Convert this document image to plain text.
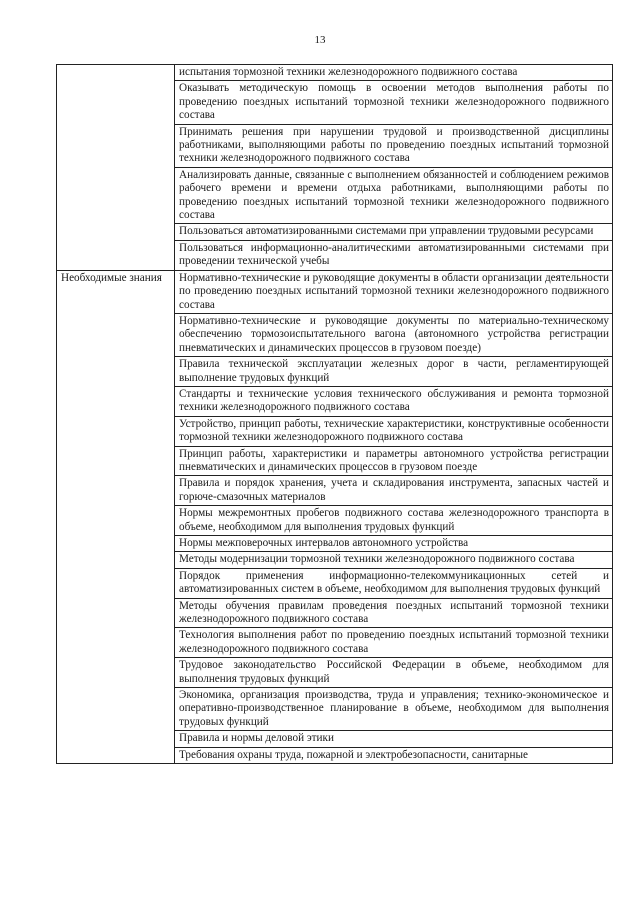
13
	испытания тормозной техники железнодорожного подвижного состава
	Оказывать методическую помощь в освоении методов выполнения работы по проведению поездных испытаний тормозной техники железнодорожного подвижного состава
	Принимать решения при нарушении трудовой и производственной дисциплины работниками, выполняющими работы по проведению поездных испытаний тормозной техники железнодорожного подвижного состава
	Анализировать данные, связанные с выполнением обязанностей и соблюдением режимов рабочего времени и времени отдыха работниками, выполняющими работы по проведению поездных испытаний тормозной техники железнодорожного подвижного состава
	Пользоваться автоматизированными системами при управлении трудовыми ресурсами
	Пользоваться информационно-аналитическими автоматизированными системами при проведении технической учебы
Необходимые знания	Нормативно-технические и руководящие документы в области организации деятельности по проведению поездных испытаний тормозной техники железнодорожного подвижного состава
	Нормативно-технические и руководящие документы по материально-техническому обеспечению тормозоиспытательного вагона (автономного устройства регистрации пневматических и динамических процессов в грузовом поезде)
	Правила технической эксплуатации железных дорог в части, регламентирующей выполнение трудовых функций
	Стандарты и технические условия технического обслуживания и ремонта тормозной техники железнодорожного подвижного состава
	Устройство, принцип работы, технические характеристики, конструктивные особенности тормозной техники железнодорожного подвижного состава
	Принцип работы, характеристики и параметры автономного устройства регистрации пневматических и динамических процессов в грузовом поезде
	Правила и порядок хранения, учета и складирования инструмента, запасных частей и горюче-смазочных материалов
	Нормы межремонтных пробегов подвижного состава железнодорожного транспорта в объеме, необходимом для выполнения трудовых функций
	Нормы межповерочных интервалов автономного устройства
	Методы модернизации тормозной техники железнодорожного подвижного состава
	Порядок применения информационно-телекоммуникационных сетей и автоматизированных систем в объеме, необходимом для выполнения трудовых функций
	Методы обучения правилам проведения поездных испытаний тормозной техники железнодорожного подвижного состава
	Технология выполнения работ по проведению поездных испытаний тормозной техники железнодорожного подвижного состава
	Трудовое законодательство Российской Федерации в объеме, необходимом для выполнения трудовых функций
	Экономика, организация производства, труда и управления; технико-экономическое и оперативно-производственное планирование в объеме, необходимом для выполнения трудовых функций
	Правила и нормы деловой этики
	Требования охраны труда, пожарной и электробезопасности, санитарные
